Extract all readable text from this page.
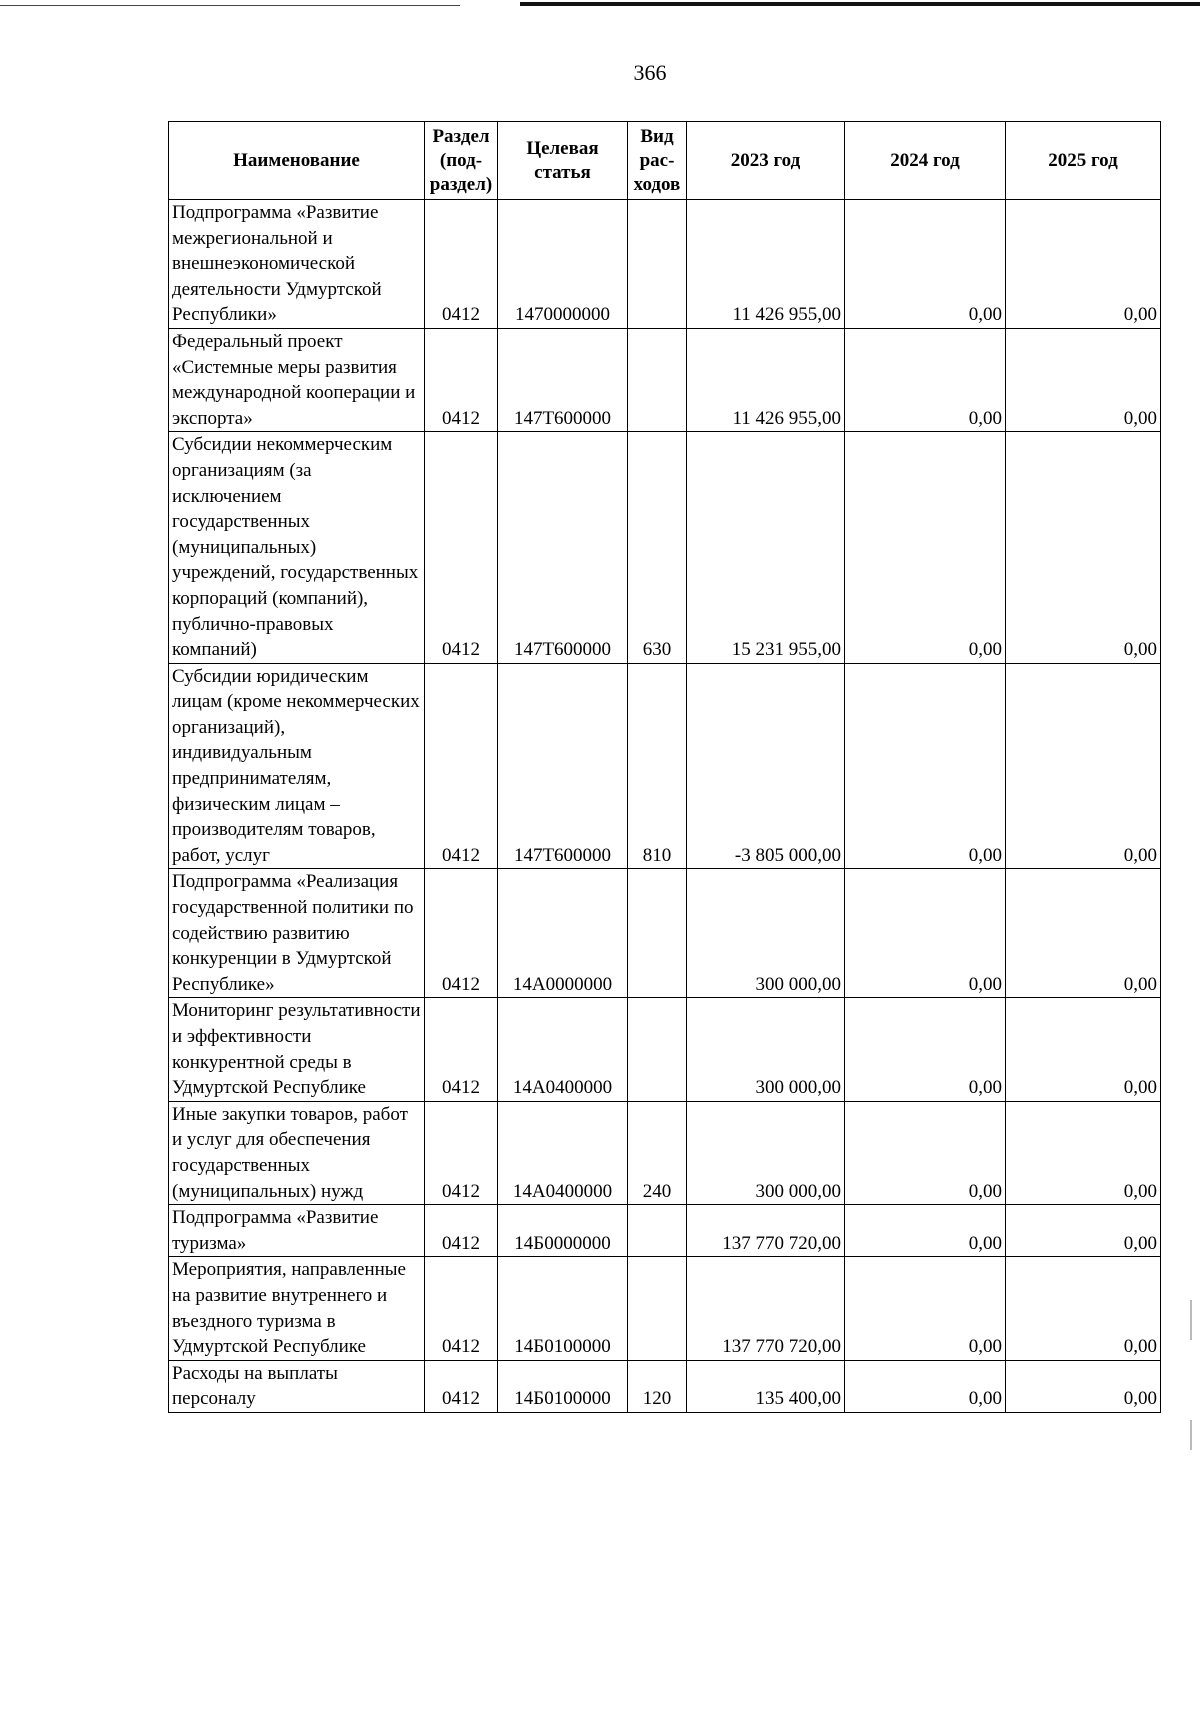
366
Наименование	Раздел (под-раздел)	Целевая статья	Вид рас-ходов	2023 год	2024 год	2025 год
Подпрограмма «Развитие межрегиональной и внешнеэкономической деятельности Удмуртской Республики»	0412	1470000000		11 426 955,00	0,00	0,00
Федеральный проект «Системные меры развития международной кооперации и экспорта»	0412	147Т600000		11 426 955,00	0,00	0,00
Субсидии некоммерческим организациям (за исключением государственных (муниципальных) учреждений, государственных корпораций (компаний), публично-правовых компаний)	0412	147Т600000	630	15 231 955,00	0,00	0,00
Субсидии юридическим лицам (кроме некоммерческих организаций), индивидуальным предпринимателям, физическим лицам – производителям товаров, работ, услуг	0412	147Т600000	810	-3 805 000,00	0,00	0,00
Подпрограмма «Реализация государственной политики по содействию развитию конкуренции в Удмуртской Республике»	0412	14А0000000		300 000,00	0,00	0,00
Мониторинг результативности и эффективности конкурентной среды в Удмуртской Республике	0412	14А0400000		300 000,00	0,00	0,00
Иные закупки товаров, работ и услуг для обеспечения государственных (муниципальных) нужд	0412	14А0400000	240	300 000,00	0,00	0,00
Подпрограмма «Развитие туризма»	0412	14Б0000000		137 770 720,00	0,00	0,00
Мероприятия, направленные на развитие внутреннего и въездного туризма в Удмуртской Республике	0412	14Б0100000		137 770 720,00	0,00	0,00
Расходы на выплаты персоналу	0412	14Б0100000	120	135 400,00	0,00	0,00
